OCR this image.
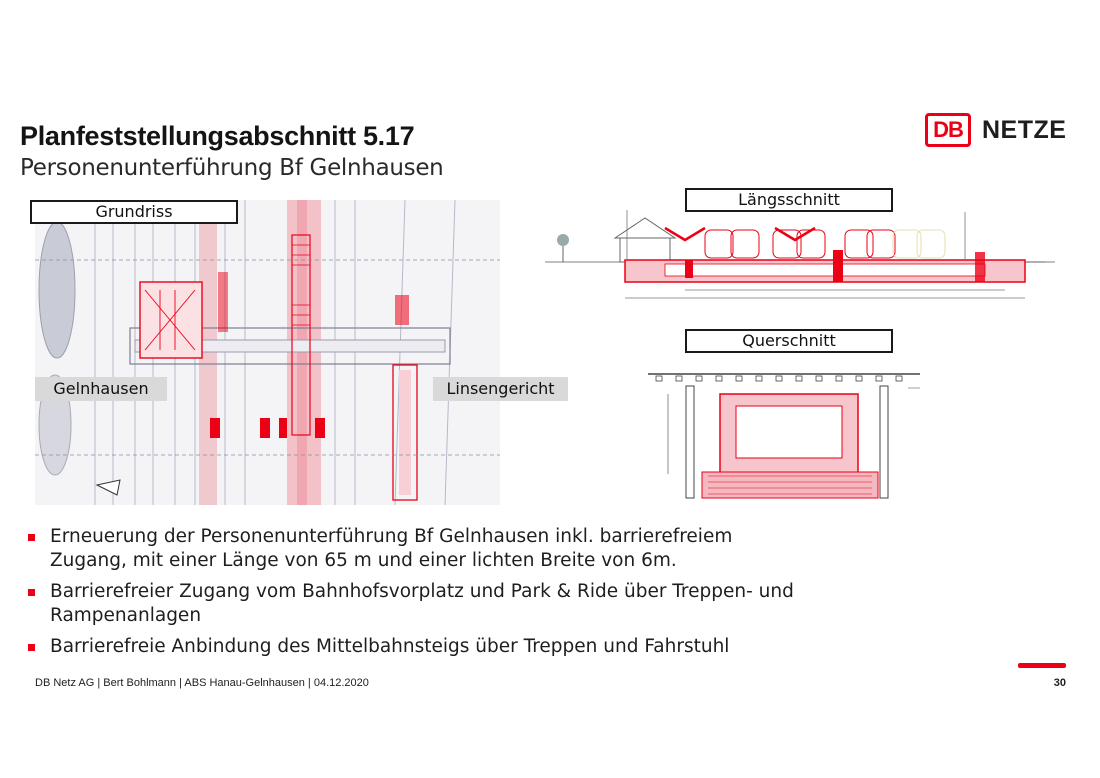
Planfeststellungsabschnitt 5.17
Personenunterführung Bf Gelnhausen
DB NETZE
Grundriss
Gelnhausen	Linsengericht
Längsschnitt
Querschnitt
Erneuerung der Personenunterführung Bf Gelnhausen inkl. barrierefreiem Zugang, mit einer Länge von 65 m und einer lichten Breite von 6m.
Barrierefreier Zugang vom Bahnhofsvorplatz und Park & Ride über Treppen- und Rampenanlagen
Barrierefreie Anbindung des Mittelbahnsteigs über Treppen und Fahrstuhl
DB Netz AG | Bert Bohlmann | ABS Hanau-Gelnhausen | 04.12.2020	30
